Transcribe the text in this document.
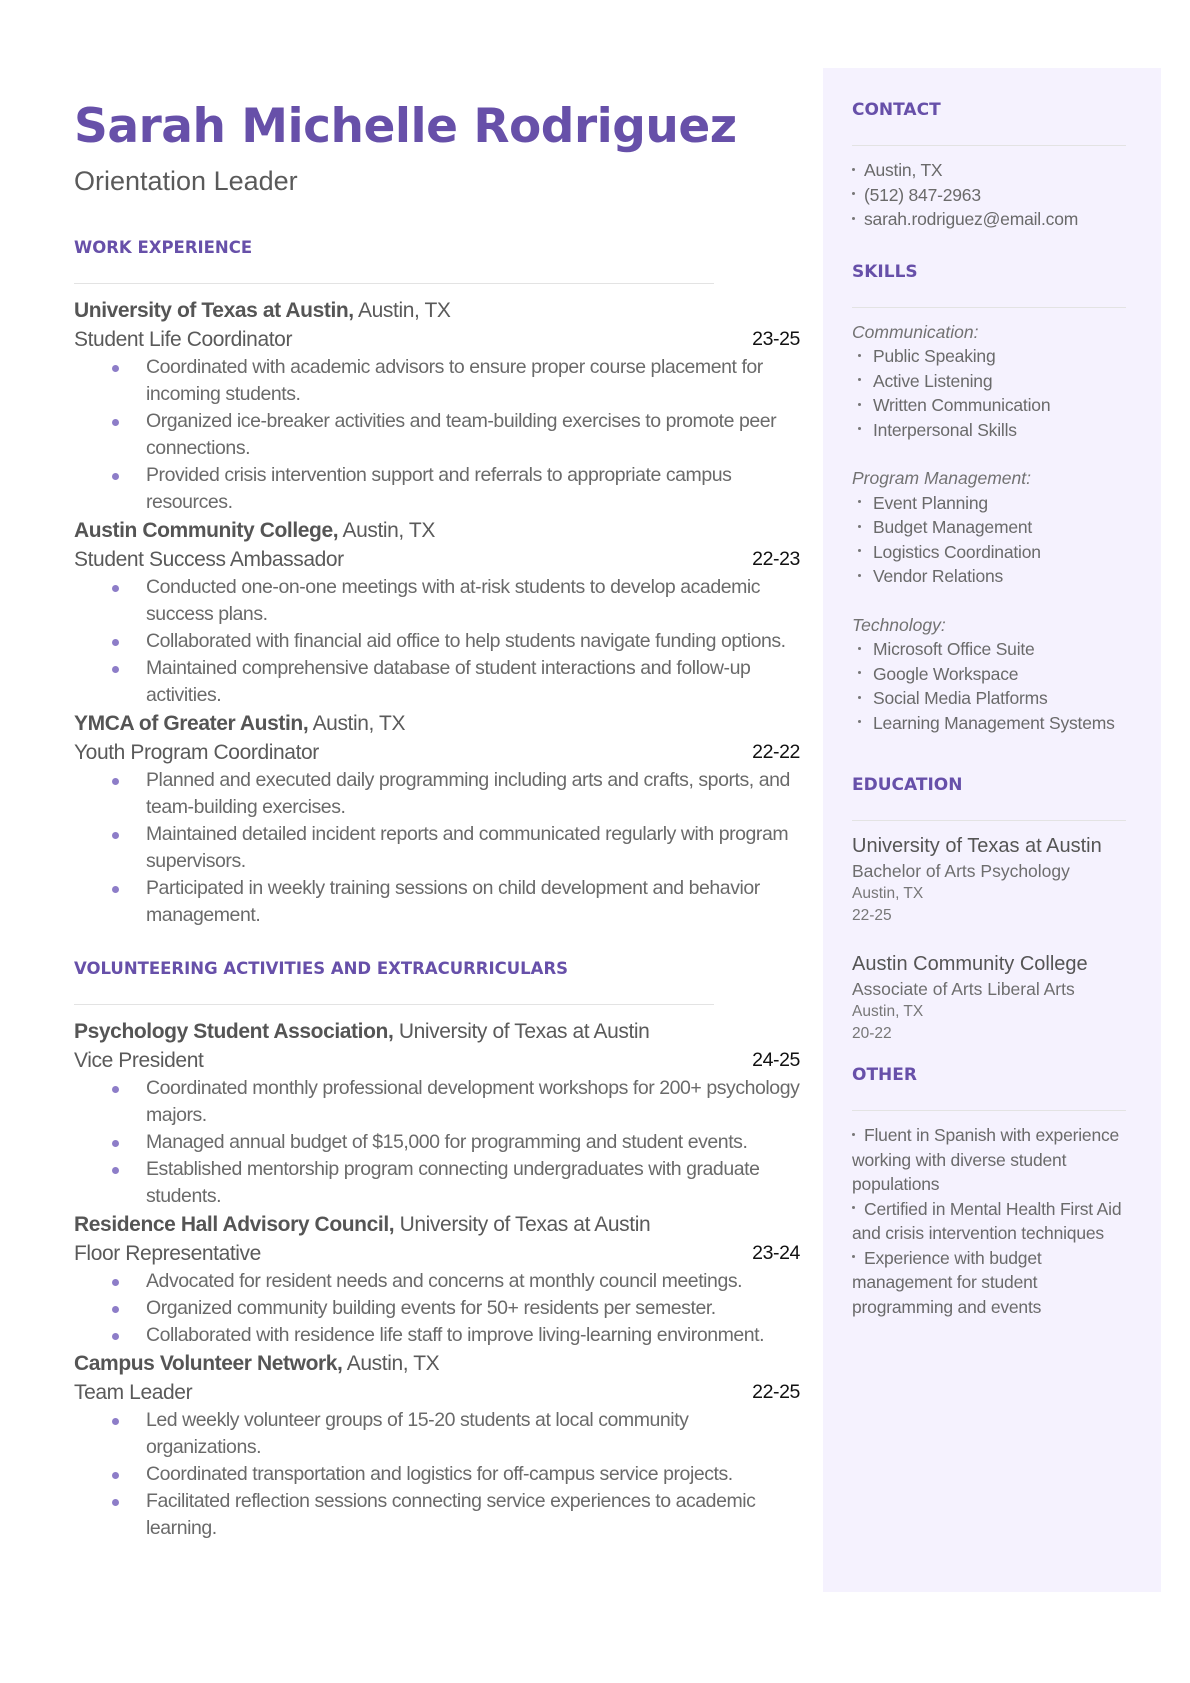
Sarah Michelle Rodriguez
Orientation Leader
WORK EXPERIENCE
University of Texas at Austin, Austin, TX
Student Life Coordinator	23-25
Coordinated with academic advisors to ensure proper course placement for incoming students.
Organized ice-breaker activities and team-building exercises to promote peer connections.
Provided crisis intervention support and referrals to appropriate campus resources.
Austin Community College, Austin, TX
Student Success Ambassador	22-23
Conducted one-on-one meetings with at-risk students to develop academic success plans.
Collaborated with financial aid office to help students navigate funding options.
Maintained comprehensive database of student interactions and follow-up activities.
YMCA of Greater Austin, Austin, TX
Youth Program Coordinator	22-22
Planned and executed daily programming including arts and crafts, sports, and team-building exercises.
Maintained detailed incident reports and communicated regularly with program supervisors.
Participated in weekly training sessions on child development and behavior management.
VOLUNTEERING ACTIVITIES AND EXTRACURRICULARS
Psychology Student Association, University of Texas at Austin
Vice President	24-25
Coordinated monthly professional development workshops for 200+ psychology majors.
Managed annual budget of $15,000 for programming and student events.
Established mentorship program connecting undergraduates with graduate students.
Residence Hall Advisory Council, University of Texas at Austin
Floor Representative	23-24
Advocated for resident needs and concerns at monthly council meetings.
Organized community building events for 50+ residents per semester.
Collaborated with residence life staff to improve living-learning environment.
Campus Volunteer Network, Austin, TX
Team Leader	22-25
Led weekly volunteer groups of 15-20 students at local community organizations.
Coordinated transportation and logistics for off-campus service projects.
Facilitated reflection sessions connecting service experiences to academic learning.
CONTACT
Austin, TX
(512) 847-2963
sarah.rodriguez@email.com
SKILLS
Communication:
Public Speaking
Active Listening
Written Communication
Interpersonal Skills
Program Management:
Event Planning
Budget Management
Logistics Coordination
Vendor Relations
Technology:
Microsoft Office Suite
Google Workspace
Social Media Platforms
Learning Management Systems
EDUCATION
University of Texas at Austin
Bachelor of Arts Psychology
Austin, TX
22-25
Austin Community College
Associate of Arts Liberal Arts
Austin, TX
20-22
OTHER
Fluent in Spanish with experience working with diverse student populations
Certified in Mental Health First Aid and crisis intervention techniques
Experience with budget management for student programming and events
